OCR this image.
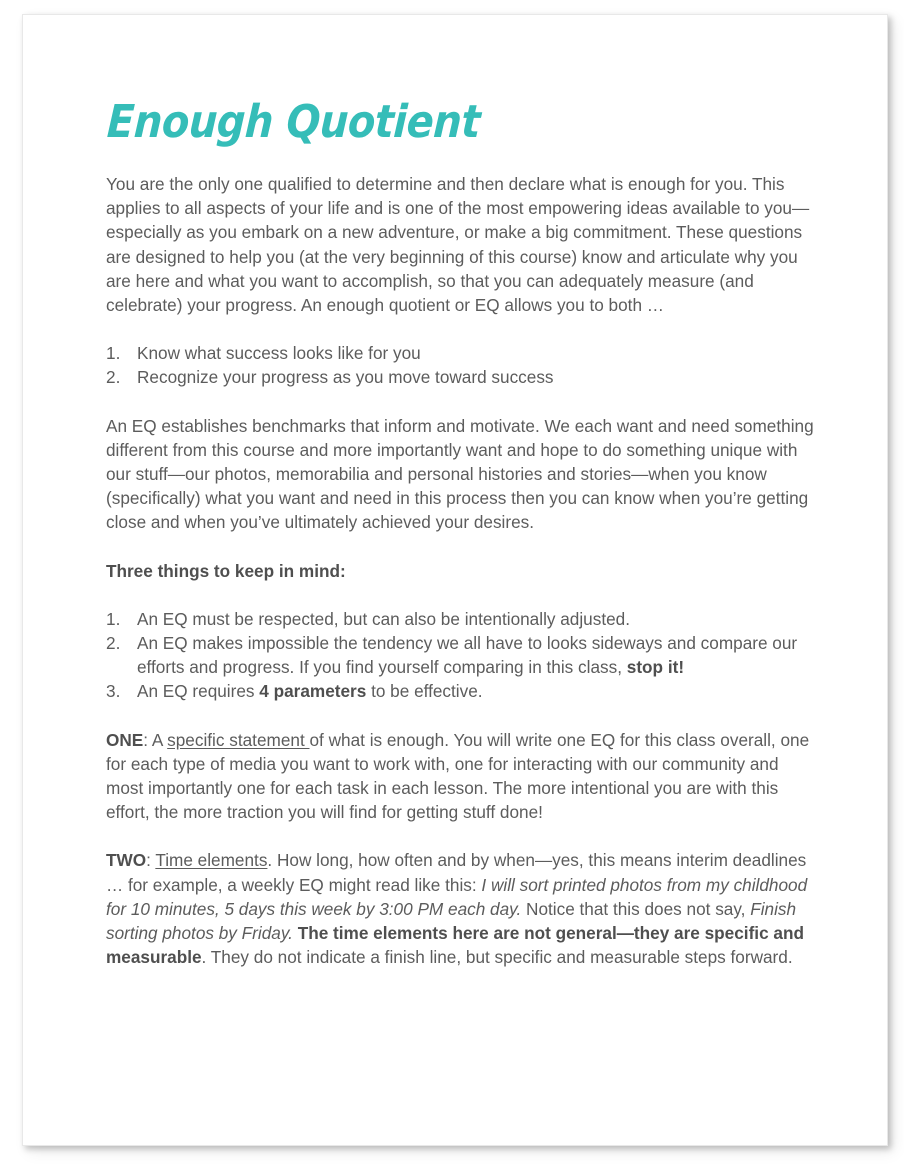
Enough Quotient

You are the only one qualified to determine and then declare what is enough for you. This applies to all aspects of your life and is one of the most empowering ideas available to you—especially as you embark on a new adventure, or make a big commitment. These questions are designed to help you (at the very beginning of this course) know and articulate why you are here and what you want to accomplish, so that you can adequately measure (and celebrate) your progress. An enough quotient or EQ allows you to both …

Know what success looks like for you
Recognize your progress as you move toward success

An EQ establishes benchmarks that inform and motivate. We each want and need something different from this course and more importantly want and hope to do something unique with our stuff—our photos, memorabilia and personal histories and stories—when you know (specifically) what you want and need in this process then you can know when you’re getting close and when you’ve ultimately achieved your desires.

Three things to keep in mind:

An EQ must be respected, but can also be intentionally adjusted.
An EQ makes impossible the tendency we all have to looks sideways and compare our efforts and progress. If you find yourself comparing in this class, stop it!
An EQ requires 4 parameters to be effective.

ONE: A specific statement of what is enough. You will write one EQ for this class overall, one for each type of media you want to work with, one for interacting with our community and most importantly one for each task in each lesson. The more intentional you are with this effort, the more traction you will find for getting stuff done!

TWO: Time elements. How long, how often and by when—yes, this means interim deadlines … for example, a weekly EQ might read like this: I will sort printed photos from my childhood for 10 minutes, 5 days this week by 3:00 PM each day. Notice that this does not say, Finish sorting photos by Friday. The time elements here are not general—they are specific and measurable. They do not indicate a finish line, but specific and measurable steps forward.
